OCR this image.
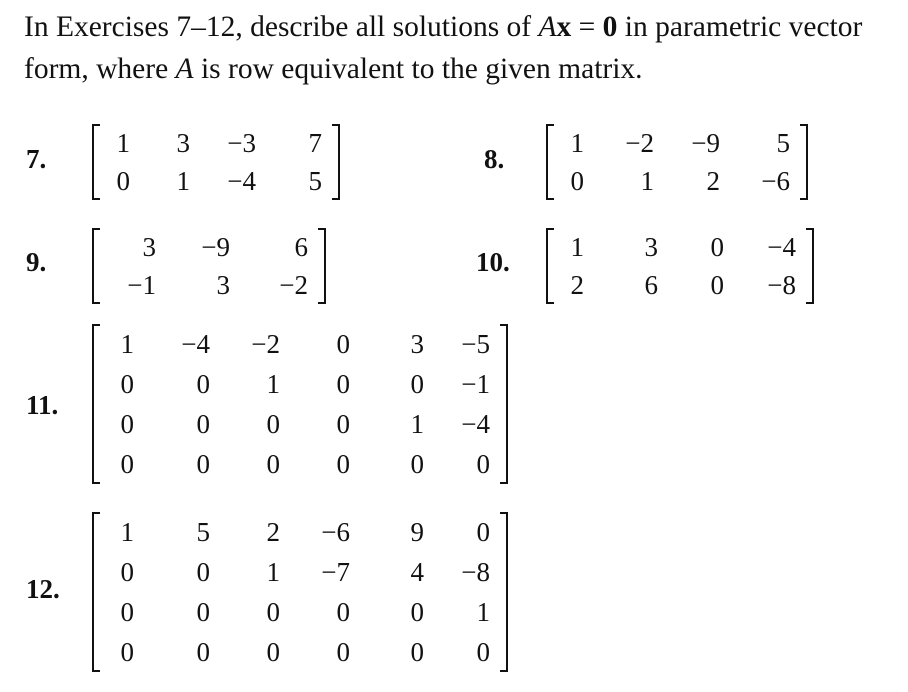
In Exercises 7–12, describe all solutions of Ax = 0 in parametric vector form, where A is row equivalent to the given matrix.

7.
1	3	−3	7
0	1	−4	5
8.
1	−2	−9	5
0	1	2	−6
9.
3	−9	6
−1	3	−2
10.
1	3	0	−4
2	6	0	−8
11.
1	−4	−2	0	3	−5
0	0	1	0	0	−1
0	0	0	0	1	−4
0	0	0	0	0	0
12.
1	5	2	−6	9	0
0	0	1	−7	4	−8
0	0	0	0	0	1
0	0	0	0	0	0
